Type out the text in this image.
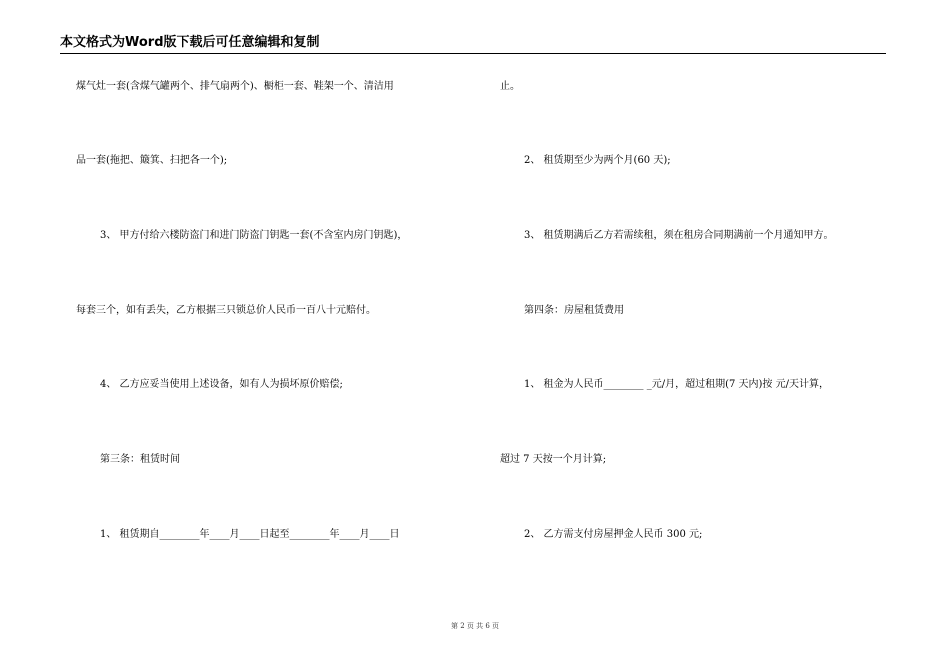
本文格式为Word版下载后可任意编辑和复制
煤气灶一套(含煤气罐两个、排气扇两个)、橱柜一套、鞋架一个、清洁用
品一套(拖把、簸箕、扫把各一个);
3、 甲方付给六楼防盗门和进门防盗门钥匙一套(不含室内房门钥匙)，
每套三个，如有丢失，乙方根据三只锁总价人民币一百八十元赔付。
4、 乙方应妥当使用上述设备，如有人为损坏原价赔偿;
第三条：租赁时间
1、 租赁期自________年____月____日起至________年____月____日
止。
2、 租赁期至少为两个月(60 天);
3、 租赁期满后乙方若需续租，须在租房合同期满前一个月通知甲方。
第四条：房屋租赁费用
1、 租金为人民币________ _元/月，超过租期(7 天内)按 元/天计算，
超过 7 天按一个月计算;
2、 乙方需支付房屋押金人民币 300 元;
第 2 页 共 6 页
